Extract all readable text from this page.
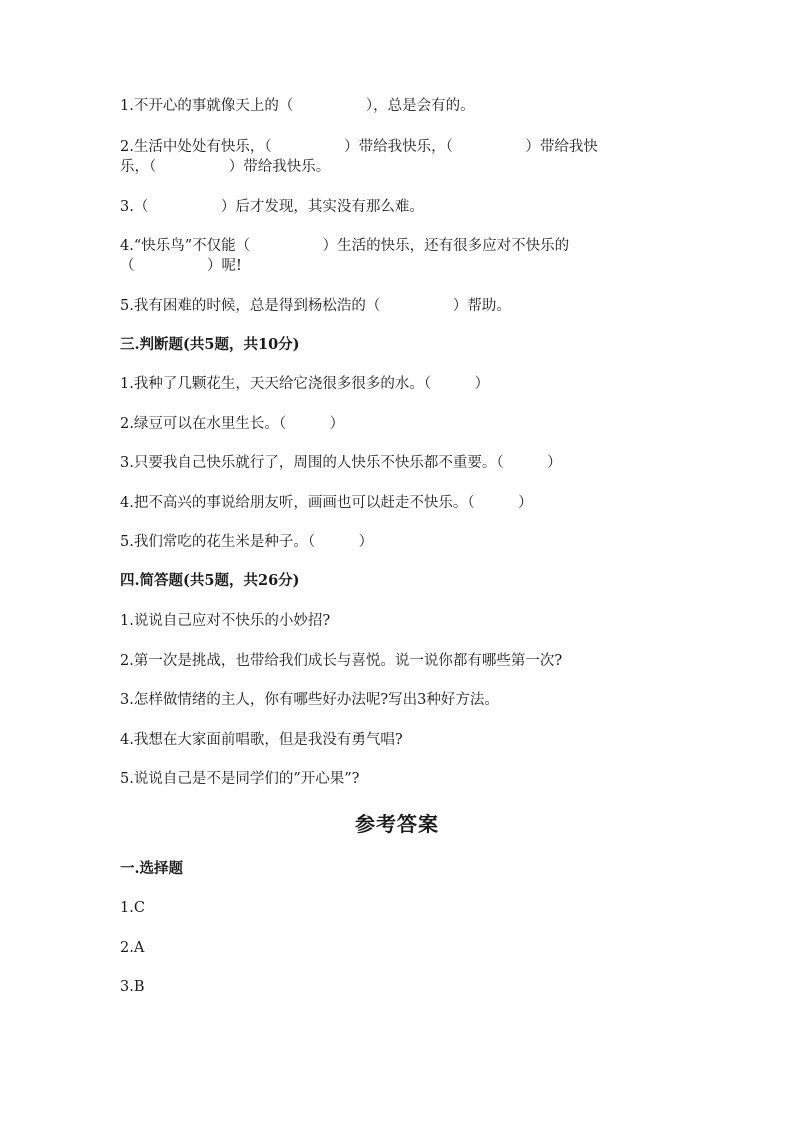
1.不开心的事就像天上的（　　　　　），总是会有的。
2.生活中处处有快乐，（　　　　　）带给我快乐，（　　　　　）带给我快
乐，（　　　　　）带给我快乐。
3.（　　　　　）后才发现，其实没有那么难。
4.“快乐鸟”不仅能（　　　　　）生活的快乐，还有很多应对不快乐的
（　　　　　）呢!
5.我有困难的时候，总是得到杨松浩的（　　　　　）帮助。
三.判断题(共5题，共10分)
1.我种了几颗花生，天天给它浇很多很多的水。（　　　）
2.绿豆可以在水里生长。（　　　）
3.只要我自己快乐就行了，周围的人快乐不快乐都不重要。（　　　）
4.把不高兴的事说给朋友听，画画也可以赶走不快乐。（　　　）
5.我们常吃的花生米是种子。（　　　）
四.简答题(共5题，共26分)
1.说说自己应对不快乐的小妙招?
2.第一次是挑战，也带给我们成长与喜悦。说一说你都有哪些第一次?
3.怎样做情绪的主人，你有哪些好办法呢?写出3种好方法。
4.我想在大家面前唱歌，但是我没有勇气唱?
5.说说自己是不是同学们的”开心果”?
参考答案
一.选择题
1.C
2.A
3.B
